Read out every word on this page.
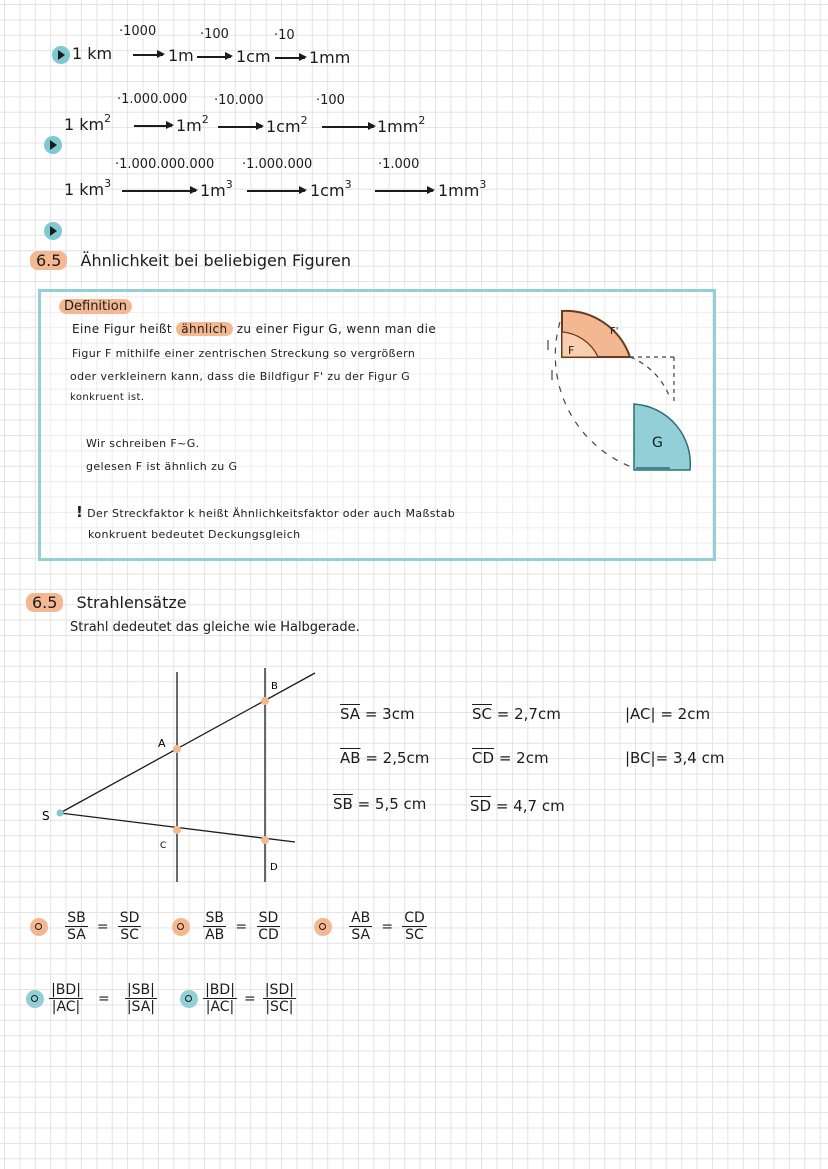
·1000	·100	·10
1 km	1m	1cm 1mm
·1.000.000 ·10.000	·100
1 $km^2$	$1m^2$	$1cm^2$	$1mm^2$
·1.000.000.000 ·1.000.000	·1.000
1 $km^3$	$1m^3$	$1cm^3$	$1mm^3$
6.5 Ähnlichkeit bei beliebigen Figuren
Definition
Eine Figur heißt ähnlich zu einer Figur G, wenn man die
Figur F mithilfe einer zentrischen Streckung so vergrößern
oder verkleinern kann, dass die Bildfigur F' zu der Figur G
konkruent ist.
Wir schreiben F~G.
gelesen F ist ähnlich zu G
! Der Streckfaktor k heißt Ähnlichkeitsfaktor oder auch Maßstab
konkruent bedeutet Deckungsgleich
F
F'
G
6.5 Strahlensätze
Strahl dedeutet das gleiche wie Halbgerade.
S
A
B
C
D
$\overline{SA} = 3cm$	$\overline{SC} = 2,7cm$	|AC| = 2cm
$\overline{AB} = 2,5cm$	$\overline{CD} = 2cm$	|BC|= 3,4 cm
$\overline{SB} = 5,5$ cm	$\overline{SD} = 4,7$ cm

$\frac{SB}{SA} = \frac{SD}{SC}$
	$\frac{SB}{AB} = \frac{SD}{CD}$
	$\frac{AB}{SA} = \frac{CD}{SC}$

$\frac{|BD|}{|AC|} = \frac{|SB|}{|SA|}$
	$\frac{|BD|}{|AC|} = \frac{|SD|}{|SC|}$
